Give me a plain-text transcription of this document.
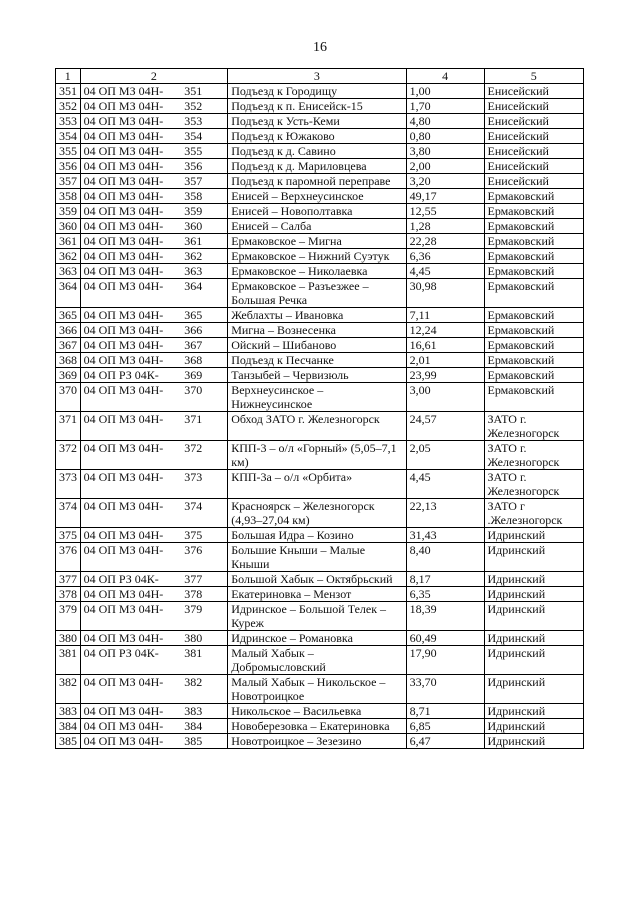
16
1	2	3	4	5
351	04 ОП МЗ 04Н- 351	Подъезд к Городищу	1,00	Енисейский
352	04 ОП МЗ 04Н- 352	Подъезд к п. Енисейск-15	1,70	Енисейский
353	04 ОП МЗ 04Н- 353	Подъезд к Усть-Кеми	4,80	Енисейский
354	04 ОП МЗ 04Н- 354	Подъезд к Южаково	0,80	Енисейский
355	04 ОП МЗ 04Н- 355	Подъезд к д. Савино	3,80	Енисейский
356	04 ОП МЗ 04Н- 356	Подъезд к д. Мариловцева	2,00	Енисейский
357	04 ОП МЗ 04Н- 357	Подъезд к паромной переправе	3,20	Енисейский
358	04 ОП МЗ 04Н- 358	Енисей – Верхнеусинское	49,17	Ермаковский
359	04 ОП МЗ 04Н- 359	Енисей – Новополтавка	12,55	Ермаковский
360	04 ОП МЗ 04Н- 360	Енисей – Салба	1,28	Ермаковский
361	04 ОП МЗ 04Н- 361	Ермаковское – Мигна	22,28	Ермаковский
362	04 ОП МЗ 04Н- 362	Ермаковское – Нижний Суэтук	6,36	Ермаковский
363	04 ОП МЗ 04Н- 363	Ермаковское – Николаевка	4,45	Ермаковский
364	04 ОП МЗ 04Н- 364	Ермаковское – Разъезжее – Большая Речка	30,98	Ермаковский
365	04 ОП МЗ 04Н- 365	Жеблахты – Ивановка	7,11	Ермаковский
366	04 ОП МЗ 04Н- 366	Мигна – Вознесенка	12,24	Ермаковский
367	04 ОП МЗ 04Н- 367	Ойский – Шибаново	16,61	Ермаковский
368	04 ОП МЗ 04Н- 368	Подъезд к Песчанке	2,01	Ермаковский
369	04 ОП РЗ 04К- 369	Танзыбей – Червизюль	23,99	Ермаковский
370	04 ОП МЗ 04Н- 370	Верхнеусинское – Нижнеусинское	3,00	Ермаковский
371	04 ОП МЗ 04Н- 371	Обход ЗАТО г. Железногорск	24,57	ЗАТО г. Железногорск
372	04 ОП МЗ 04Н- 372	КПП-3 – о/л «Горный» (5,05–7,1 км)	2,05	ЗАТО г. Железногорск
373	04 ОП МЗ 04Н- 373	КПП-3а – о/л «Орбита»	4,45	ЗАТО г. Железногорск
374	04 ОП МЗ 04Н- 374	Красноярск – Железногорск (4,93–27,04 км)	22,13	ЗАТО г .Железногорск
375	04 ОП МЗ 04Н- 375	Большая Идра – Козино	31,43	Идринский
376	04 ОП МЗ 04Н- 376	Большие Кныши – Малые Кныши	8,40	Идринский
377	04 ОП РЗ 04К- 377	Большой Хабык – Октябрьский	8,17	Идринский
378	04 ОП МЗ 04Н- 378	Екатериновка – Мензот	6,35	Идринский
379	04 ОП МЗ 04Н- 379	Идринское – Большой Телек – Куреж	18,39	Идринский
380	04 ОП МЗ 04Н- 380	Идринское – Романовка	60,49	Идринский
381	04 ОП РЗ 04К- 381	Малый Хабык – Добромысловский	17,90	Идринский
382	04 ОП МЗ 04Н- 382	Малый Хабык – Никольское – Новотроицкое	33,70	Идринский
383	04 ОП МЗ 04Н- 383	Никольское – Васильевка	8,71	Идринский
384	04 ОП МЗ 04Н- 384	Новоберезовка – Екатериновка	6,85	Идринский
385	04 ОП МЗ 04Н- 385	Новотроицкое – Зезезино	6,47	Идринский
